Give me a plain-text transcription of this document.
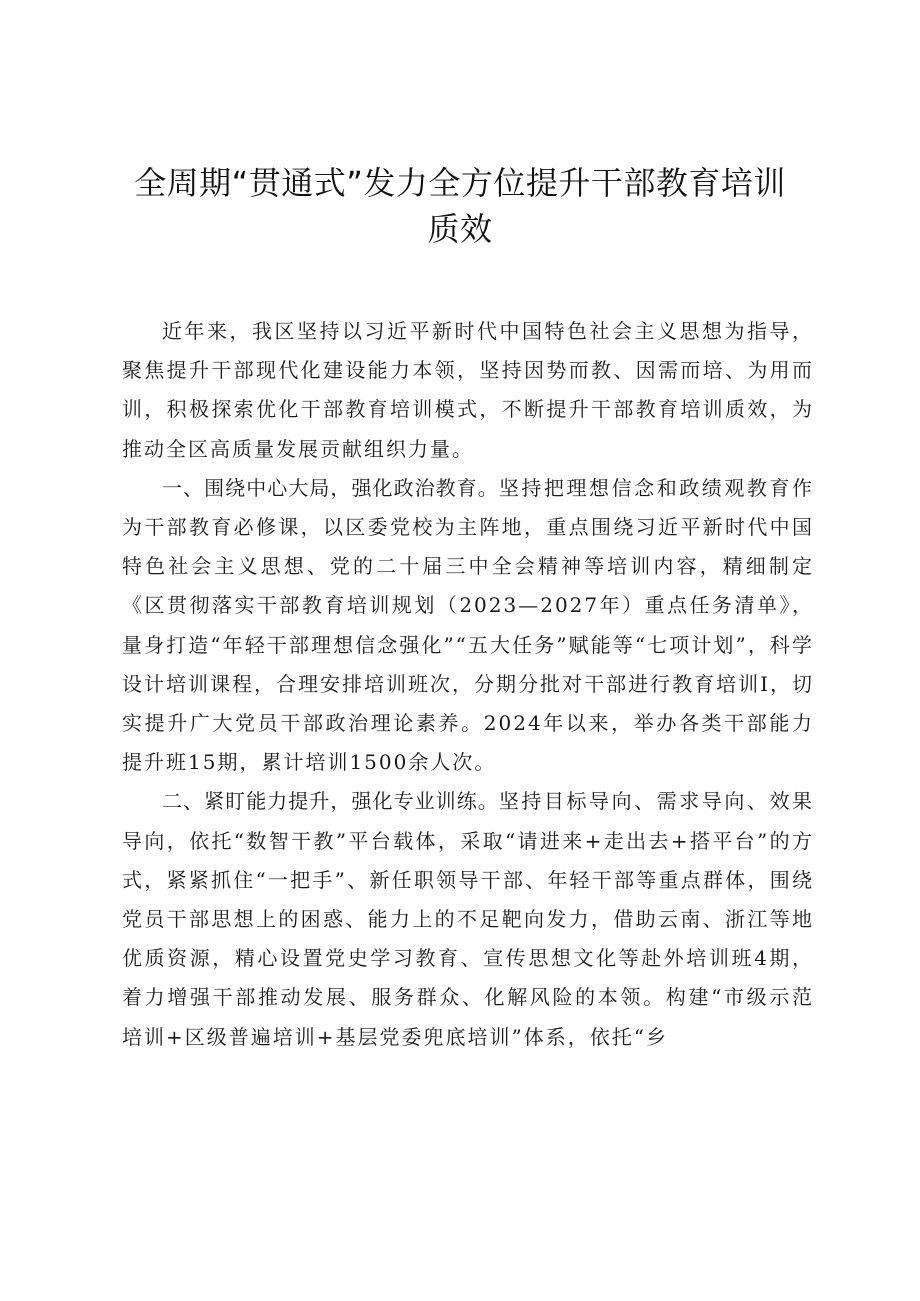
全周期“贯通式”发力全方位提升干部教育培训
质效

近年来，我区坚持以习近平新时代中国特色社会主义思想为指导，聚焦提升干部现代化建设能力本领，坚持因势而教、因需而培、为用而训，积极探索优化干部教育培训模式，不断提升干部教育培训质效，为推动全区高质量发展贡献组织力量。

一、围绕中心大局，强化政治教育。坚持把理想信念和政绩观教育作为干部教育必修课，以区委党校为主阵地，重点围绕习近平新时代中国特色社会主义思想、党的二十届三中全会精神等培训内容，精细制定《区贯彻落实干部教育培训规划（2023—2027年）重点任务清单》，量身打造“年轻干部理想信念强化”“五大任务”赋能等“七项计划”，科学设计培训课程，合理安排培训班次，分期分批对干部进行教育培训I，切实提升广大党员干部政治理论素养。2024年以来，举办各类干部能力提升班15期，累计培训1500余人次。

二、紧盯能力提升，强化专业训练。坚持目标导向、需求导向、效果导向，依托“数智干教”平台载体，采取“请进来+走出去+搭平台”的方式，紧紧抓住“一把手”、新任职领导干部、年轻干部等重点群体，围绕党员干部思想上的困惑、能力上的不足靶向发力，借助云南、浙江等地优质资源，精心设置党史学习教育、宣传思想文化等赴外培训班4期，着力增强干部推动发展、服务群众、化解风险的本领。构建“市级示范培训+区级普遍培训+基层党委兜底培训”体系，依托“乡
